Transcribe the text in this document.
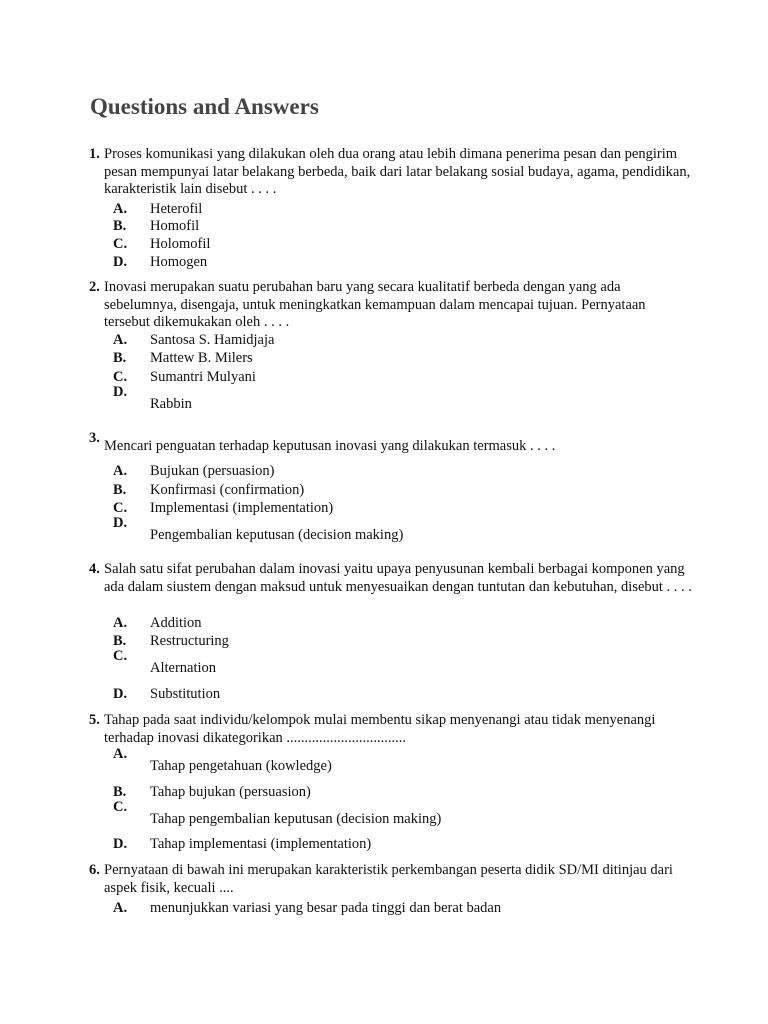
Questions and Answers
1. Proses komunikasi yang dilakukan oleh dua orang atau lebih dimana penerima pesan dan pengirim pesan mempunyai latar belakang berbeda, baik dari latar belakang sosial budaya, agama, pendidikan, karakteristik lain disebut . . . .
A.	Heterofil
B.	Homofil
C.	Holomofil
D.	Homogen
2. Inovasi merupakan suatu perubahan baru yang secara kualitatif berbeda dengan yang ada sebelumnya, disengaja, untuk meningkatkan kemampuan dalam mencapai tujuan. Pernyataan tersebut dikemukakan oleh . . . .
A.	Santosa S. Hamidjaja
B.	Mattew B. Milers
C.	Sumantri Mulyani
D.
Rabbin
3. Mencari penguatan terhadap keputusan inovasi yang dilakukan termasuk . . . .
A.	Bujukan (persuasion)
B.	Konfirmasi (confirmation)
C.	Implementasi (implementation)
D.
Pengembalian keputusan (decision making)
4. Salah satu sifat perubahan dalam inovasi yaitu upaya penyusunan kembali berbagai komponen yang ada dalam siustem dengan maksud untuk menyesuaikan dengan tuntutan dan kebutuhan, disebut . . . .
A.	Addition
B.	Restructuring
C.
Alternation
D.	Substitution
5. Tahap pada saat individu/kelompok mulai membentu sikap menyenangi atau tidak menyenangi terhadap inovasi dikategorikan .................................
A.
Tahap pengetahuan (kowledge)
B.	Tahap bujukan (persuasion)
C.
Tahap pengembalian keputusan (decision making)
D.	Tahap implementasi (implementation)
6. Pernyataan di bawah ini merupakan karakteristik perkembangan peserta didik SD/MI ditinjau dari aspek fisik, kecuali ....
A.	menunjukkan variasi yang besar pada tinggi dan berat badan
